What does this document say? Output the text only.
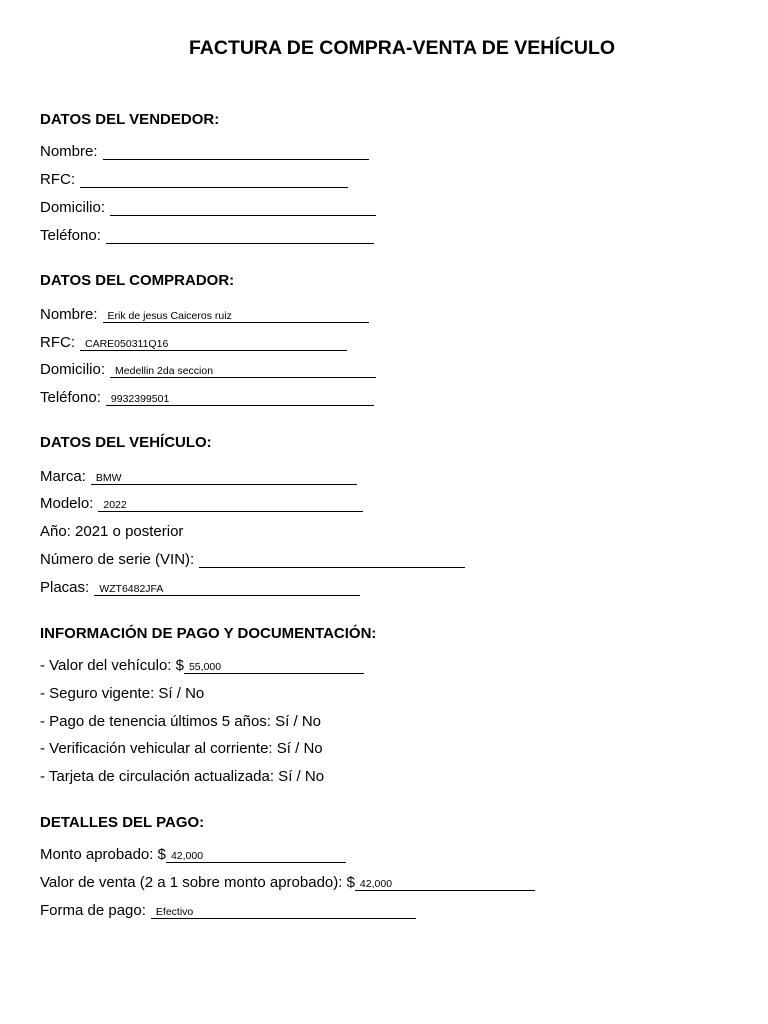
FACTURA DE COMPRA-VENTA DE VEHÍCULO
DATOS DEL VENDEDOR:
Nombre:
RFC:
Domicilio:
Teléfono:
DATOS DEL COMPRADOR:
Nombre: Erik de jesus Caiceros ruiz
RFC: CARE050311Q16
Domicilio: Medellin 2da seccion
Teléfono: 9932399501
DATOS DEL VEHÍCULO:
Marca: BMW
Modelo: 2022
Año: 2021 o posterior
Número de serie (VIN):
Placas: WZT6482JFA
INFORMACIÓN DE PAGO Y DOCUMENTACIÓN:
- Valor del vehículo: $ 55,000
- Seguro vigente: Sí / No
- Pago de tenencia últimos 5 años: Sí / No
- Verificación vehicular al corriente: Sí / No
- Tarjeta de circulación actualizada: Sí / No
DETALLES DEL PAGO:
Monto aprobado: $ 42,000
Valor de venta (2 a 1 sobre monto aprobado): $ 42,000
Forma de pago: Efectivo
